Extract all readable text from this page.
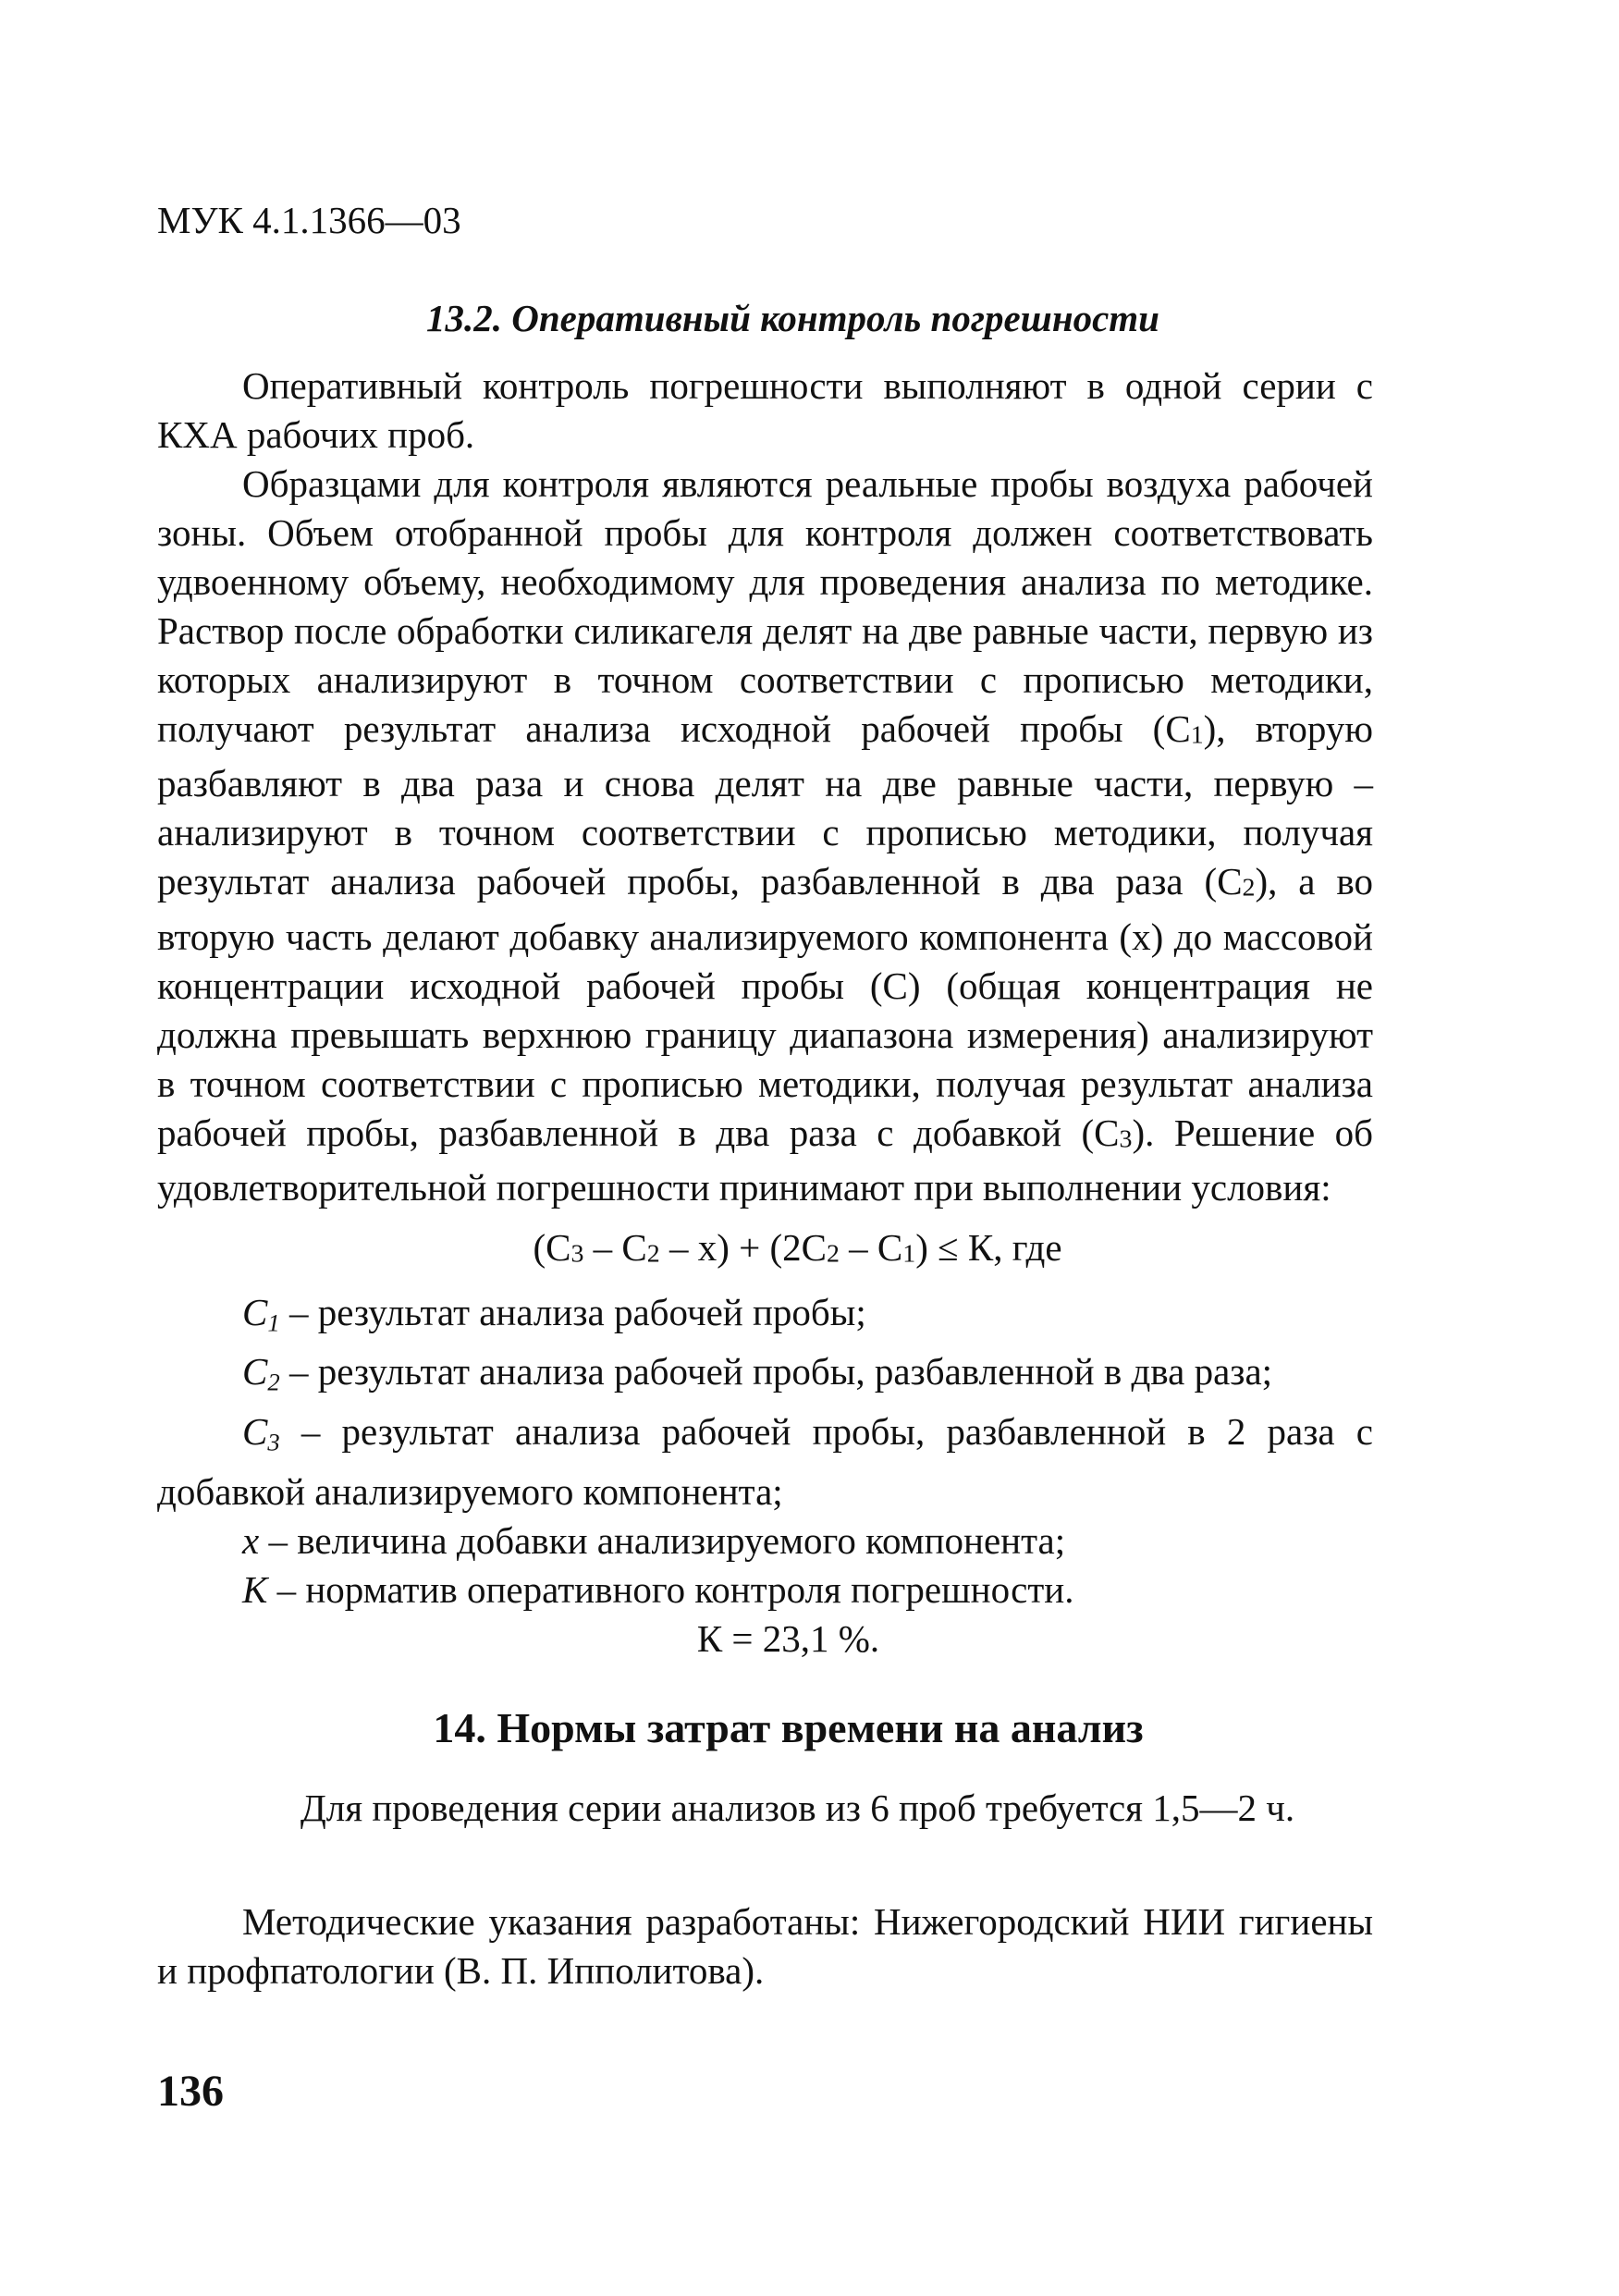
МУК 4.1.1366—03

13.2. Оперативный контроль погрешности

Оперативный контроль погрешности выполняют в одной серии с КХА рабочих проб.

Образцами для контроля являются реальные пробы воздуха рабочей зоны. Объем отобранной пробы для контроля должен соответствовать удвоенному объему, необходимому для проведения анализа по методике. Раствор после обработки силикагеля делят на две равные части, первую из которых анализируют в точном соответствии с прописью методики, получают результат анализа исходной рабочей пробы (С1), вторую разбавляют в два раза и снова делят на две равные части, первую – анализируют в точном соответствии с прописью методики, получая результат анализа рабочей пробы, разбавленной в два раза (С2), а во вторую часть делают добавку анализируемого компонента (х) до массовой концентрации исходной рабочей пробы (С) (общая концентрация не должна превышать верхнюю границу диапазона измерения) анализируют в точном соответствии с прописью методики, получая результат анализа рабочей пробы, разбавленной в два раза с добавкой (С3). Решение об удовлетворительной погрешности принимают при выполнении условия:

(С3 – С2 – х) + (2С2 – С1) ≤ К, где

C1 – результат анализа рабочей пробы;

C2 – результат анализа рабочей пробы, разбавленной в два раза;

C3 – результат анализа рабочей пробы, разбавленной в 2 раза с добавкой анализируемого компонента;

x – величина добавки анализируемого компонента;

K – норматив оперативного контроля погрешности.

К = 23,1 %.

14. Нормы затрат времени на анализ

Для проведения серии анализов из 6 проб требуется 1,5—2 ч.

Методические указания разработаны: Нижегородский НИИ гигиены и профпатологии (В. П. Ипполитова).

136
